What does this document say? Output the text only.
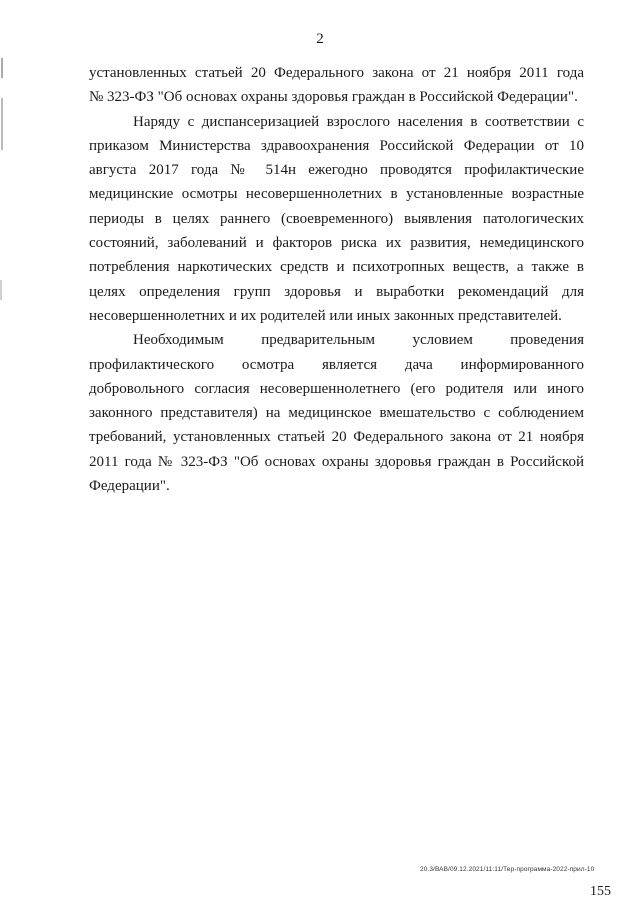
2

установленных статьей 20 Федерального закона от 21 ноября 2011 года № 323-ФЗ "Об основах охраны здоровья граждан в Российской Федерации".

Наряду с диспансеризацией взрослого населения в соответствии с приказом Министерства здравоохранения Российской Федерации от 10 августа 2017 года № 514н ежегодно проводятся профилактические медицинские осмотры несовершеннолетних в установленные возрастные периоды в целях раннего (своевременного) выявления патологических состояний, заболеваний и факторов риска их развития, немедицинского потребления наркотических средств и психотропных веществ, а также в целях определения групп здоровья и выработки рекомендаций для несовершеннолетних и их родителей или иных законных представителей.

Необходимым предварительным условием проведения профилактического осмотра является дача информированного добровольного согласия несовершеннолетнего (его родителя или иного законного представителя) на медицинское вмешательство с соблюдением требований, установленных статьей 20 Федерального закона от 21 ноября 2011 года № 323-ФЗ "Об основах охраны здоровья граждан в Российской Федерации".

20.3/ВАВ/09.12.2021/11:11/Тер-программа-2022-прил-10
155
